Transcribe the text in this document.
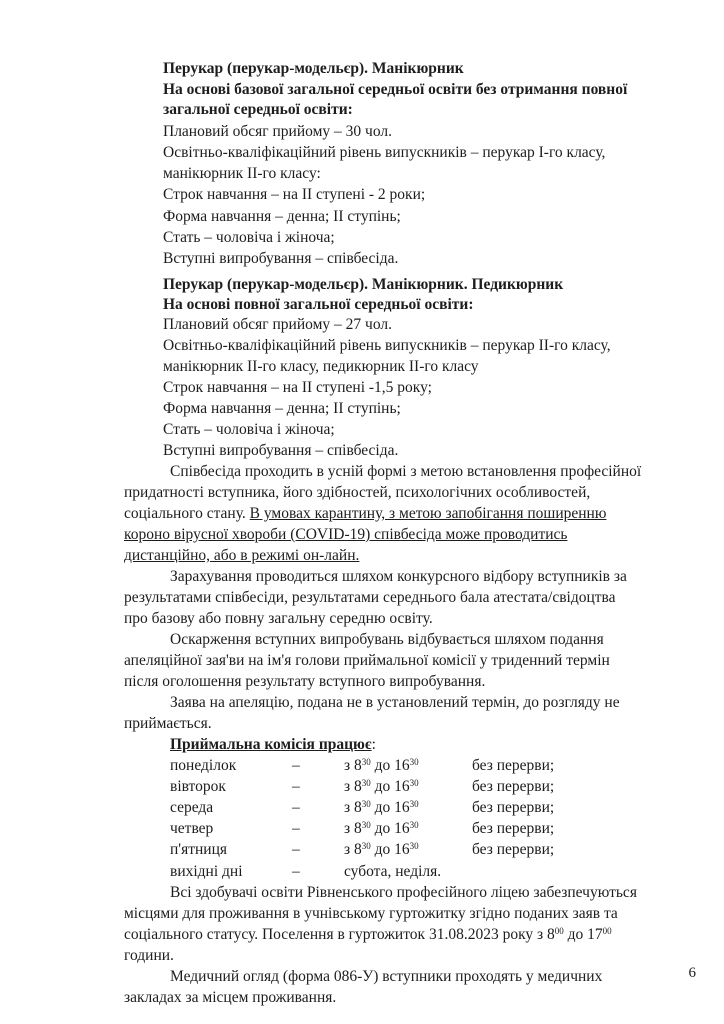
Перукар (перукар-модельєр). Манікюрник
На основі базової загальної середньої освіти без отримання повної
загальної середньої освіти:
Плановий обсяг прийому – 30 чол.
Освітньо-кваліфікаційний рівень випускників – перукар І-го класу,
манікюрник ІІ-го класу:
Строк навчання – на ІІ ступені - 2 роки;
Форма навчання – денна; ІІ ступінь;
Стать – чоловіча і жіноча;
Вступні випробування – співбесіда.
Перукар (перукар-модельєр). Манікюрник. Педикюрник
На основі повної загальної середньої освіти:
Плановий обсяг прийому – 27 чол.
Освітньо-кваліфікаційний рівень випускників – перукар ІІ-го класу,
манікюрник ІІ-го класу, педикюрник ІІ-го класу
Строк навчання – на ІІ ступені -1,5 року;
Форма навчання – денна; ІІ ступінь;
Стать – чоловіча і жіноча;
Вступні випробування – співбесіда.
Співбесіда проходить в усній формі з метою встановлення професійної
придатності вступника, його здібностей, психологічних особливостей,
соціального стану. В умовах карантину, з метою запобігання поширенню
короно вірусної хвороби (COVID-19) співбесіда може проводитись
дистанційно, або в режимі он-лайн.
Зарахування проводиться шляхом конкурсного відбору вступників за
результатами співбесіди, результатами середнього бала атестата/свідоцтва
про базову або повну загальну середню освіту.
Оскарження вступних випробувань відбувається шляхом подання
апеляційної зая'ви на ім'я голови приймальної комісії у триденний термін
після оголошення результату вступного випробування.
Заява на апеляцію, подана не в установлений термін, до розгляду не
приймається.
Приймальна комісія працює:
понеділок	–	з $8^{30}$ до $16^{30}$	без перерви;
вівторок	–	з $8^{30}$ до $16^{30}$	без перерви;
середа	–	з $8^{30}$ до $16^{30}$	без перерви;
четвер	–	з $8^{30}$ до $16^{30}$	без перерви;
п'ятниця	–	з $8^{30}$ до $16^{30}$	без перерви;
вихідні дні	–	субота, неділя.
Всі здобувачі освіти Рівненського професійного ліцею забезпечуються
місцями для проживання в учнівському гуртожитку згідно поданих заяв та
соціального статусу. Поселення в гуртожиток 31.08.2023 року з $8^{00}$ до $17^{00}$
години.
Медичний огляд (форма 086-У) вступники проходять у медичних
закладах за місцем проживання.
6
